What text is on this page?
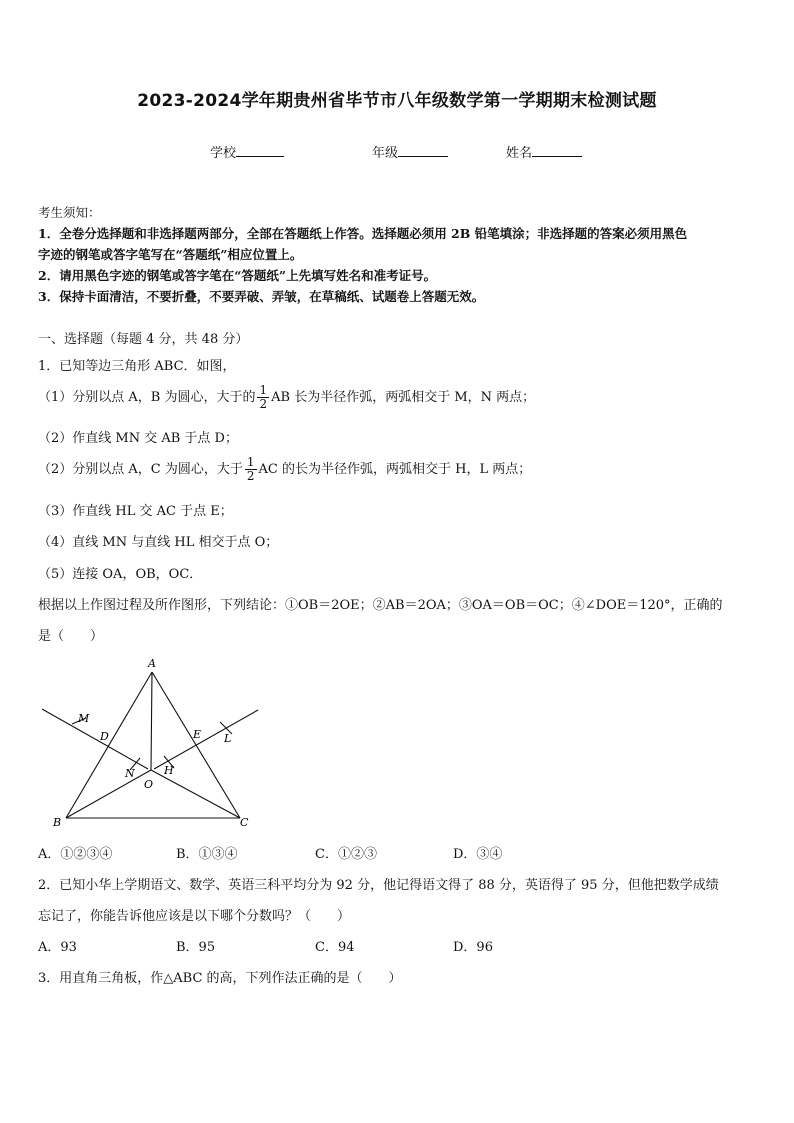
2023-2024学年期贵州省毕节市八年级数学第一学期期末检测试题
学校	年级	姓名
考生须知：
1．全卷分选择题和非选择题两部分，全部在答题纸上作答。选择题必须用 2B 铅笔填涂；非选择题的答案必须用黑色
字迹的钢笔或答字笔写在“答题纸”相应位置上。
2．请用黑色字迹的钢笔或答字笔在“答题纸”上先填写姓名和准考证号。
3．保持卡面清洁，不要折叠，不要弄破、弄皱，在草稿纸、试题卷上答题无效。
一、选择题（每题 4 分，共 48 分）
1．已知等边三角形 ABC．如图，
（1）分别以点 A，B 为圆心，大于的 $\frac{1}{2}$ AB 长为半径作弧，两弧相交于 M，N 两点；
（2）作直线 MN 交 AB 于点 D；
（2）分别以点 A，C 为圆心，大于 $\frac{1}{2}$ AC 的长为半径作弧，两弧相交于 H，L 两点；
（3）作直线 HL 交 AC 于点 E；
（4）直线 MN 与直线 HL 相交于点 O；
（5）连接 OA，OB，OC．
根据以上作图过程及所作图形，下列结论：①OB＝2OE；②AB＝2OA；③OA＝OB＝OC；④∠DOE＝120°，正确的
是（　　）
A
B	C
M
D
N
O
H
E L
A．①②③④	B．①③④	C．①②③	D．③④
2．已知小华上学期语文、数学、英语三科平均分为 92 分，他记得语文得了 88 分，英语得了 95 分，但他把数学成绩
忘记了，你能告诉他应该是以下哪个分数吗？（　　）
A．93	B．95	C．94	D．96
3．用直角三角板，作△ABC 的高，下列作法正确的是（　　）
